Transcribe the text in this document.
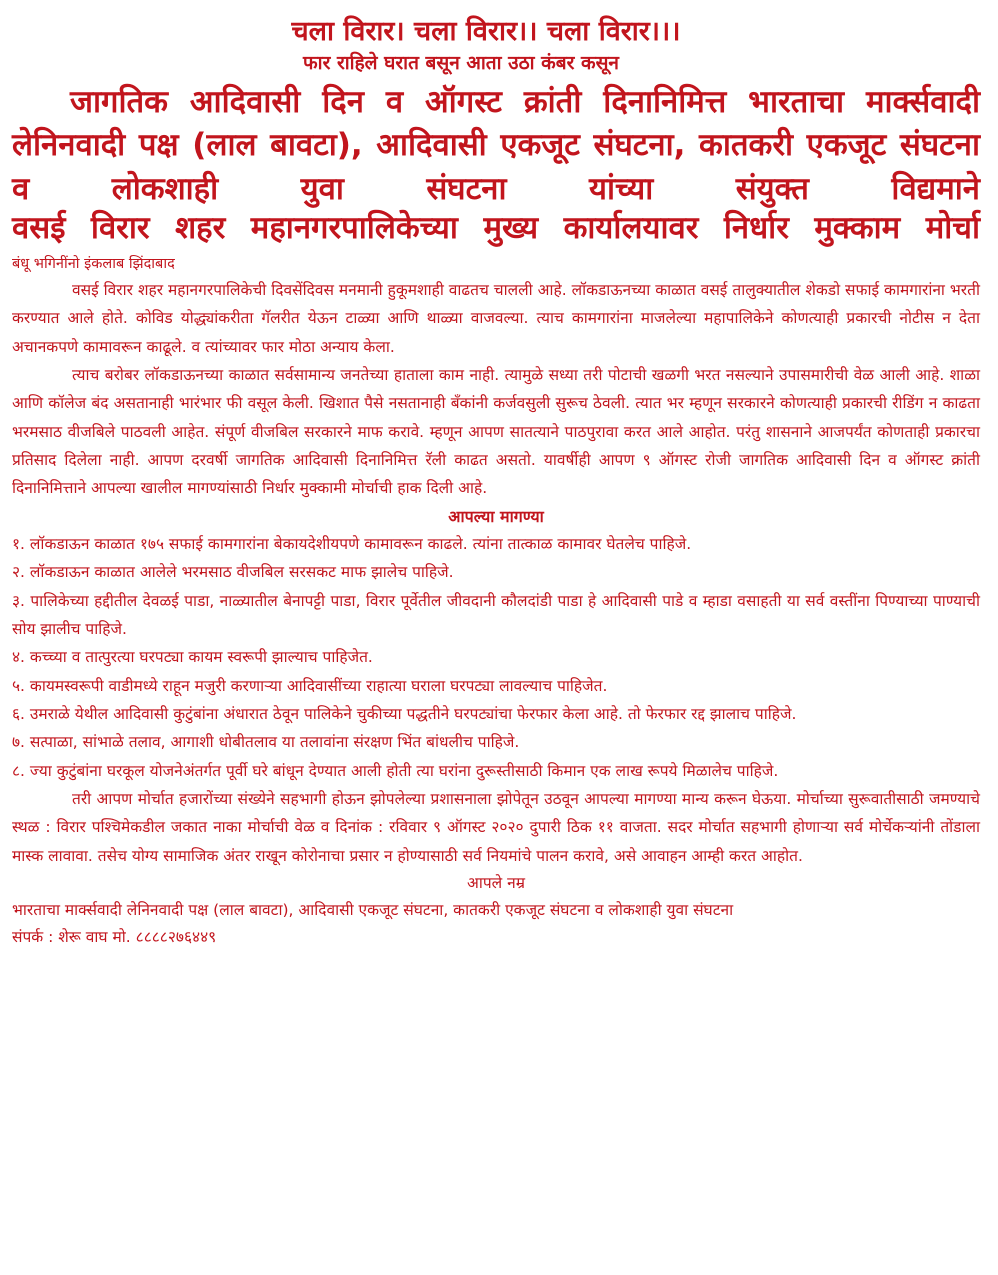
चला विरार। चला विरार।। चला विरार।।।
फार राहिले घरात बसून आता उठा कंबर कसून

जागतिक आदिवासी दिन व ऑगस्ट क्रांती दिनानिमित्त भारताचा मार्क्सवादी लेनिनवादी पक्ष (लाल बावटा), आदिवासी एकजूट संघटना, कातकरी एकजूट संघटना व लोकशाही युवा संघटना यांच्या संयुक्त विद्यमाने

वसई विरार शहर महानगरपालिकेच्या मुख्य कार्यालयावर निर्धार मुक्काम मोर्चा

बंधू भगिनींनो इंकलाब झिंदाबाद

वसई विरार शहर महानगरपालिकेची दिवसेंदिवस मनमानी हुकूमशाही वाढतच चालली आहे. लॉकडाऊनच्या काळात वसई तालुक्यातील शेकडो सफाई कामगारांना भरती करण्यात आले होते. कोविड योद्ध्यांकरीता गॅलरीत येऊन टाळ्या आणि थाळ्या वाजवल्या. त्याच कामगारांना माजलेल्या महापालिकेने कोणत्याही प्रकारची नोटीस न देता अचानकपणे कामावरून काढूले. व त्यांच्यावर फार मोठा अन्याय केला.

त्याच बरोबर लॉकडाऊनच्या काळात सर्वसामान्य जनतेच्या हाताला काम नाही. त्यामुळे सध्या तरी पोटाची खळगी भरत नसल्याने उपासमारीची वेळ आली आहे. शाळा आणि कॉलेज बंद असतानाही भारंभार फी वसूल केली. खिशात पैसे नसतानाही बँकांनी कर्जवसुली सुरूच ठेवली. त्यात भर म्हणून सरकारने कोणत्याही प्रकारची रीडिंग न काढता भरमसाठ वीजबिले पाठवली आहेत. संपूर्ण वीजबिल सरकारने माफ करावे. म्हणून आपण सातत्याने पाठपुरावा करत आले आहोत. परंतु शासनाने आजपर्यंत कोणताही प्रकारचा प्रतिसाद दिलेला नाही. आपण दरवर्षी जागतिक आदिवासी दिनानिमित्त रॅली काढत असतो. यावर्षीही आपण ९ ऑगस्ट रोजी जागतिक आदिवासी दिन व ऑगस्ट क्रांती दिनानिमित्ताने आपल्या खालील मागण्यांसाठी निर्धार मुक्कामी मोर्चाची हाक दिली आहे.

आपल्या मागण्या

१. लॉकडाऊन काळात १७५ सफाई कामगारांना बेकायदेशीयपणे कामावरून काढले. त्यांना तात्काळ कामावर घेतलेच पाहिजे.

२. लॉकडाऊन काळात आलेले भरमसाठ वीजबिल सरसकट माफ झालेच पाहिजे.

३. पालिकेच्या हद्दीतील देवळई पाडा, नाळ्यातील बेनापट्टी पाडा, विरार पूर्वेतील जीवदानी कौलदांडी पाडा हे आदिवासी पाडे व म्हाडा वसाहती या सर्व वस्तींना पिण्याच्या पाण्याची सोय झालीच पाहिजे.

४. कच्च्या व तात्पुरत्या घरपट्या कायम स्वरूपी झाल्याच पाहिजेत.

५. कायमस्वरूपी वाडीमध्ये राहून मजुरी करणाऱ्या आदिवासींच्या राहात्या घराला घरपट्या लावल्याच पाहिजेत.

६. उमराळे येथील आदिवासी कुटुंबांना अंधारात ठेवून पालिकेने चुकीच्या पद्धतीने घरपट्यांचा फेरफार केला आहे. तो फेरफार रद्द झालाच पाहिजे.

७. सत्पाळा, सांभाळे तलाव, आगाशी धोबीतलाव या तलावांना संरक्षण भिंत बांधलीच पाहिजे.

८. ज्या कुटुंबांना घरकूल योजनेअंतर्गत पूर्वी घरे बांधून देण्यात आली होती त्या घरांना दुरूस्तीसाठी किमान एक लाख रूपये मिळालेच पाहिजे.

तरी आपण मोर्चात हजारोंच्या संख्येने सहभागी होऊन झोपलेल्या प्रशासनाला झोपेतून उठवून आपल्या मागण्या मान्य करून घेऊया. मोर्चाच्या सुरूवातीसाठी जमण्याचे स्थळ : विरार पश्चिमेकडील जकात नाका मोर्चाची वेळ व दिनांक : रविवार ९ ऑगस्ट २०२० दुपारी ठिक ११ वाजता. सदर मोर्चात सहभागी होणाऱ्या सर्व मोर्चेकऱ्यांनी तोंडाला मास्क लावावा. तसेच योग्य सामाजिक अंतर राखून कोरोनाचा प्रसार न होण्यासाठी सर्व नियमांचे पालन करावे, असे आवाहन आम्ही करत आहोत.

आपले नम्र

भारताचा मार्क्सवादी लेनिनवादी पक्ष (लाल बावटा), आदिवासी एकजूट संघटना, कातकरी एकजूट संघटना व लोकशाही युवा संघटना

संपर्क : शेरू वाघ मो. ८८८८२७६४४९
